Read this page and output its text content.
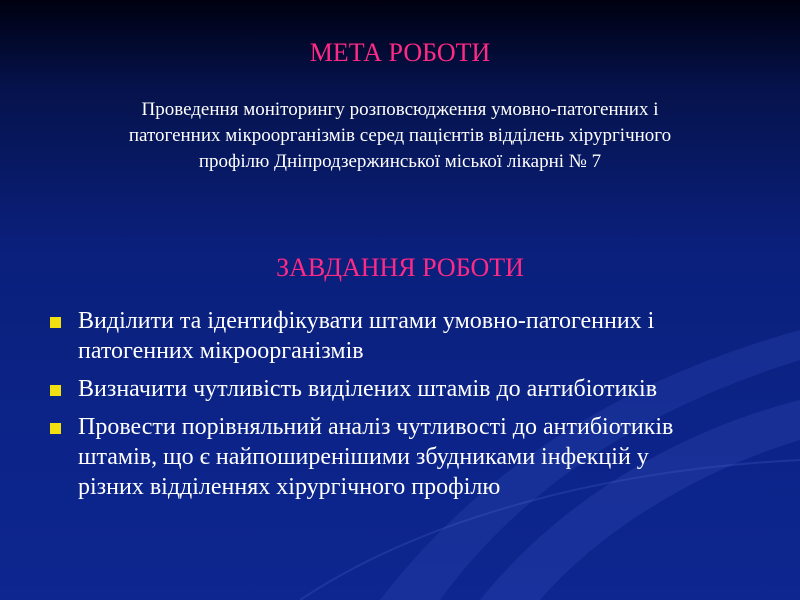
МЕТА РОБОТИ
Проведення моніторингу розповсюдження умовно-патогенних і
патогенних мікроорганізмів серед пацієнтів відділень хірургічного
профілю Дніпродзержинської міської лікарні № 7
ЗАВДАННЯ РОБОТИ
Виділити та ідентифікувати штами умовно-патогенних і
патогенних мікроорганізмів
Визначити чутливість виділених штамів до антибіотиків
Провести порівняльний аналіз чутливості до антибіотиків
штамів, що є найпоширенішими збудниками інфекцій у
різних відділеннях хірургічного профілю
